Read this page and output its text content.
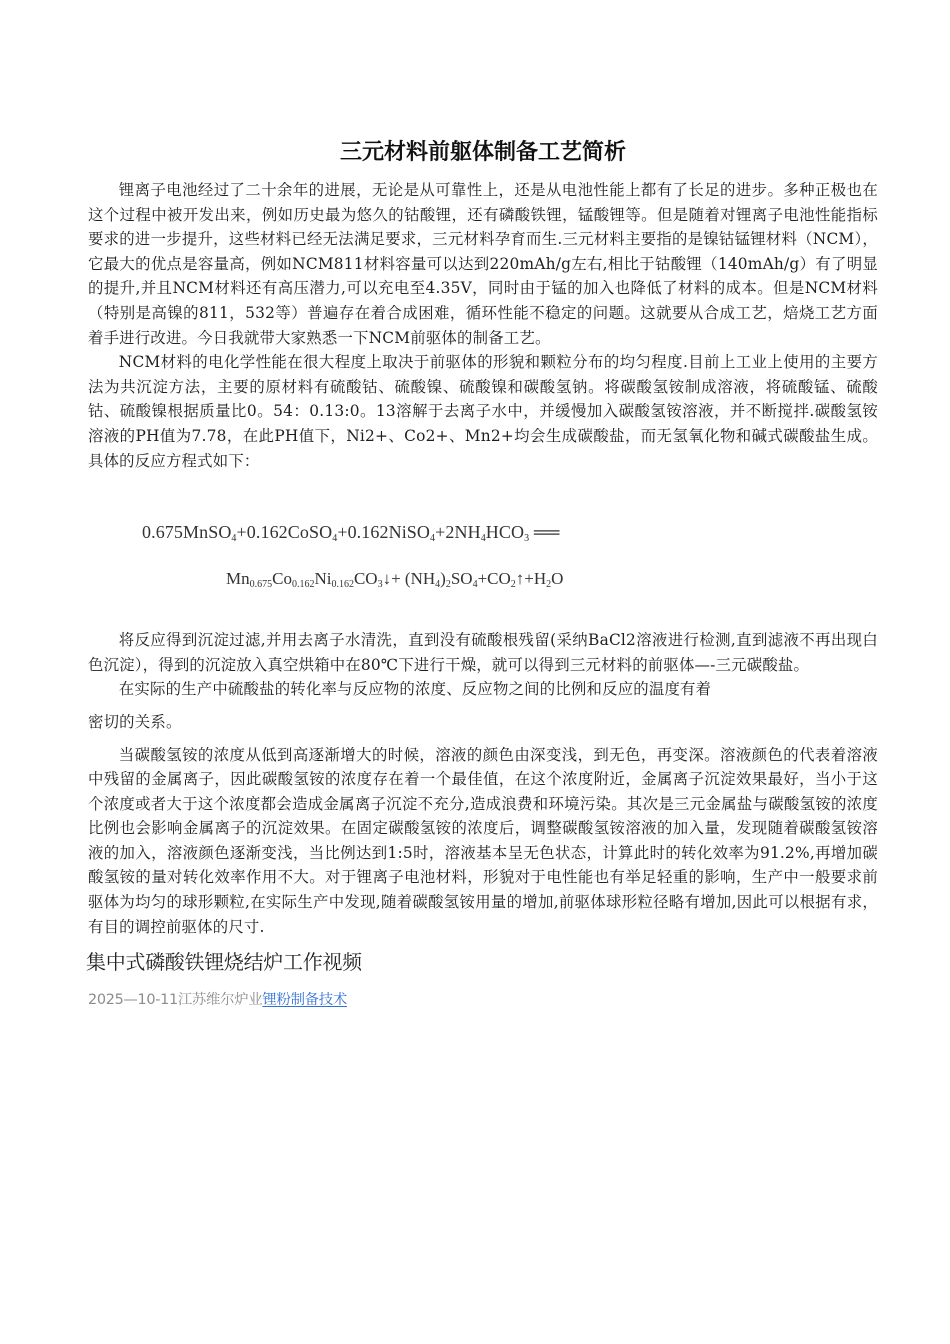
三元材料前躯体制备工艺简析

锂离子电池经过了二十余年的进展，无论是从可靠性上，还是从电池性能上都有了长足的进步。多种正极也在这个过程中被开发出来，例如历史最为悠久的钴酸锂，还有磷酸铁锂，锰酸锂等。但是随着对锂离子电池性能指标要求的进一步提升，这些材料已经无法满足要求，三元材料孕育而生.三元材料主要指的是镍钴锰锂材料（NCM），它最大的优点是容量高，例如NCM811材料容量可以达到220mAh/g左右,相比于钴酸锂（140mAh/g）有了明显的提升,并且NCM材料还有高压潜力,可以充电至4.35V，同时由于锰的加入也降低了材料的成本。但是NCM材料（特别是高镍的811，532等）普遍存在着合成困难，循环性能不稳定的问题。这就要从合成工艺，焙烧工艺方面着手进行改进。今日我就带大家熟悉一下NCM前驱体的制备工艺。

NCM材料的电化学性能在很大程度上取决于前驱体的形貌和颗粒分布的均匀程度.目前上工业上使用的主要方法为共沉淀方法，主要的原材料有硫酸钴、硫酸镍、硫酸镍和碳酸氢钠。将碳酸氢铵制成溶液，将硫酸锰、硫酸钴、硫酸镍根据质量比0。54：0.13:0。13溶解于去离子水中，并缓慢加入碳酸氢铵溶液，并不断搅拌.碳酸氢铵溶液的PH值为7.78，在此PH值下，Ni2+、Co2+、Mn2+均会生成碳酸盐，而无氢氧化物和碱式碳酸盐生成。具体的反应方程式如下：

$0.675MnSO_4+0.162CoSO_4+0.162NiSO_4+2NH_4HCO_3$ ══
$Mn_{0.675}Co_{0.162}Ni_{0.162}CO_3↓+$ $(NH_4)_2SO_4+CO_2↑+H_2O$

将反应得到沉淀过滤,并用去离子水清洗，直到没有硫酸根残留(采纳BaCl2溶液进行检测,直到滤液不再出现白色沉淀），得到的沉淀放入真空烘箱中在80℃下进行干燥，就可以得到三元材料的前驱体—-三元碳酸盐。

在实际的生产中硫酸盐的转化率与反应物的浓度、反应物之间的比例和反应的温度有着

密切的关系。

当碳酸氢铵的浓度从低到高逐渐增大的时候，溶液的颜色由深变浅，到无色，再变深。溶液颜色的代表着溶液中残留的金属离子，因此碳酸氢铵的浓度存在着一个最佳值，在这个浓度附近，金属离子沉淀效果最好，当小于这个浓度或者大于这个浓度都会造成金属离子沉淀不充分,造成浪费和环境污染。其次是三元金属盐与碳酸氢铵的浓度比例也会影响金属离子的沉淀效果。在固定碳酸氢铵的浓度后，调整碳酸氢铵溶液的加入量，发现随着碳酸氢铵溶液的加入，溶液颜色逐渐变浅，当比例达到1:5时，溶液基本呈无色状态，计算此时的转化效率为91.2%,再增加碳酸氢铵的量对转化效率作用不大。对于锂离子电池材料，形貌对于电性能也有举足轻重的影响，生产中一般要求前驱体为均匀的球形颗粒,在实际生产中发现,随着碳酸氢铵用量的增加,前驱体球形粒径略有增加,因此可以根据有求，有目的调控前驱体的尺寸.

集中式磷酸铁锂烧结炉工作视频
2025—10-11江苏维尔炉业锂粉制备技术
